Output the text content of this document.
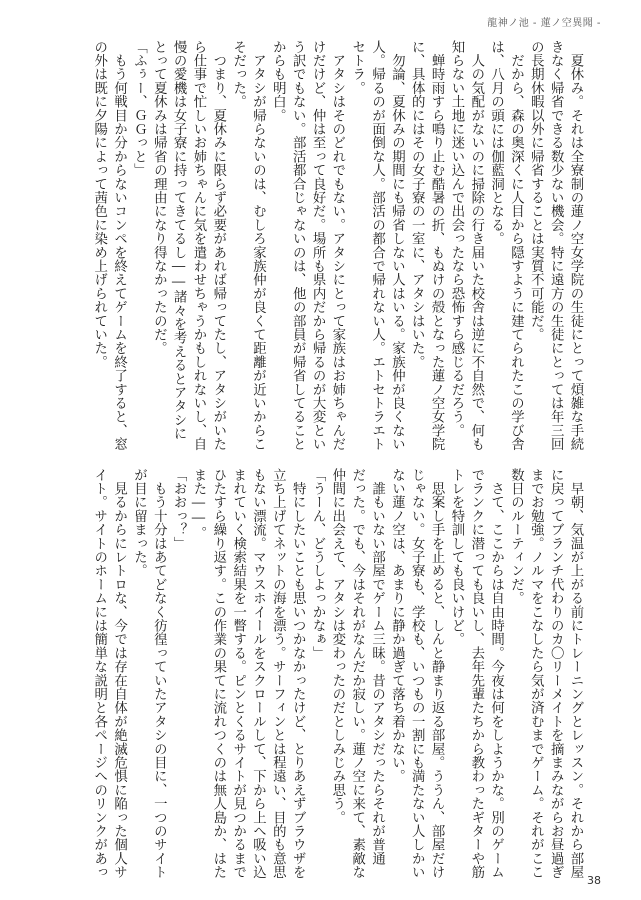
龍神ノ池 - 蓮ノ空異聞 -
　夏休み。それは全寮制の蓮ノ空女学院の生徒にとって煩雑な手続
きなく帰省できる数少ない機会。特に遠方の生徒にとっては年三回
の長期休暇以外に帰省することは実質不可能だ。
　だから、森の奥深くに人目から隠すように建てられたこの学び舎
は、八月の頭には伽藍洞となる。
　人の気配がないのに掃除の行き届いた校舎は逆に不自然で、何も
知らない土地に迷い込んで出会ったなら恐怖すら感じるだろう。
　蝉時雨すら鳴り止む酷暑の折、もぬけの殻となった蓮ノ空女学院
に、具体的にはその女子寮の一室に、アタシはいた。
　勿論、夏休みの期間にも帰省しない人はいる。家族仲が良くない
人。帰るのが面倒な人。部活の都合で帰れない人。エトセトラエト
セトラ。
　アタシはそのどれでもない。アタシにとって家族はお姉ちゃんだ
けだけど、仲は至って良好だ。場所も県内だから帰るのが大変とい
う訳でもない。部活都合じゃないのは、他の部員が帰省してること
からも明白。
　アタシが帰らないのは、むしろ家族仲が良くて距離が近いからこ
そだった。
　つまり、夏休みに限らず必要があれば帰ってたし、アタシがいた
ら仕事で忙しいお姉ちゃんに気を遣わせちゃうかもしれないし、自
慢の愛機は女子寮に持ってきてるし――諸々を考えるとアタシに
とって夏休みは帰省の理由になり得なかったのだ。
「ふぅー、ＧＧっと」
　もう何戦目か分からないコンペを終えてゲームを終了すると、窓
の外は既に夕陽によって茜色に染め上げられていた。
　早朝、気温が上がる前にトレーニングとレッスン。それから部屋
に戻ってブランチ代わりのカ〇リーメイトを摘まみながらお昼過ぎ
までお勉強。ノルマをこなしたら気が済むまでゲーム。それがここ
数日のルーティンだ。
　さて、ここからは自由時間。今夜は何をしようかな。別のゲーム
でランクに潜っても良いし、去年先輩たちから教わったギターや筋
トレを特訓しても良いけど。
　思案し手を止めると、しんと静まり返る部屋。ううん、部屋だけ
じゃない。女子寮も、学校も、いつもの一割にも満たない人しかい
ない蓮ノ空は、あまりに静か過ぎて落ち着かない。
　誰もいない部屋でゲーム三昧。昔のアタシだったらそれが普通
だった。でも、今はそれがなんだか寂しい。蓮ノ空に来て、素敵な
仲間に出会えて、アタシは変わったのだとしみじみ思う。
「うーん、どうしよっかなぁ」
　特にしたいことも思いつかなかったけど、とりあえずブラウザを
立ち上げてネットの海を漂う。サーフィンとは程遠い、目的も意思
もない漂流。マウスホイールをスクロールして、下から上へ吸い込
まれていく検索結果を一瞥する。ピンとくるサイトが見つかるまで
ひたすら繰り返す。この作業の果てに流れつくのは無人島か、はた
また――。
「おおっ？」
　もう十分はあてどなく彷徨っていたアタシの目に、一つのサイト
が目に留まった。
　見るからにレトロな、今では存在自体が絶滅危惧に陥った個人サ
イト。サイトのホームには簡単な説明と各ページへのリンクがあっ
38
